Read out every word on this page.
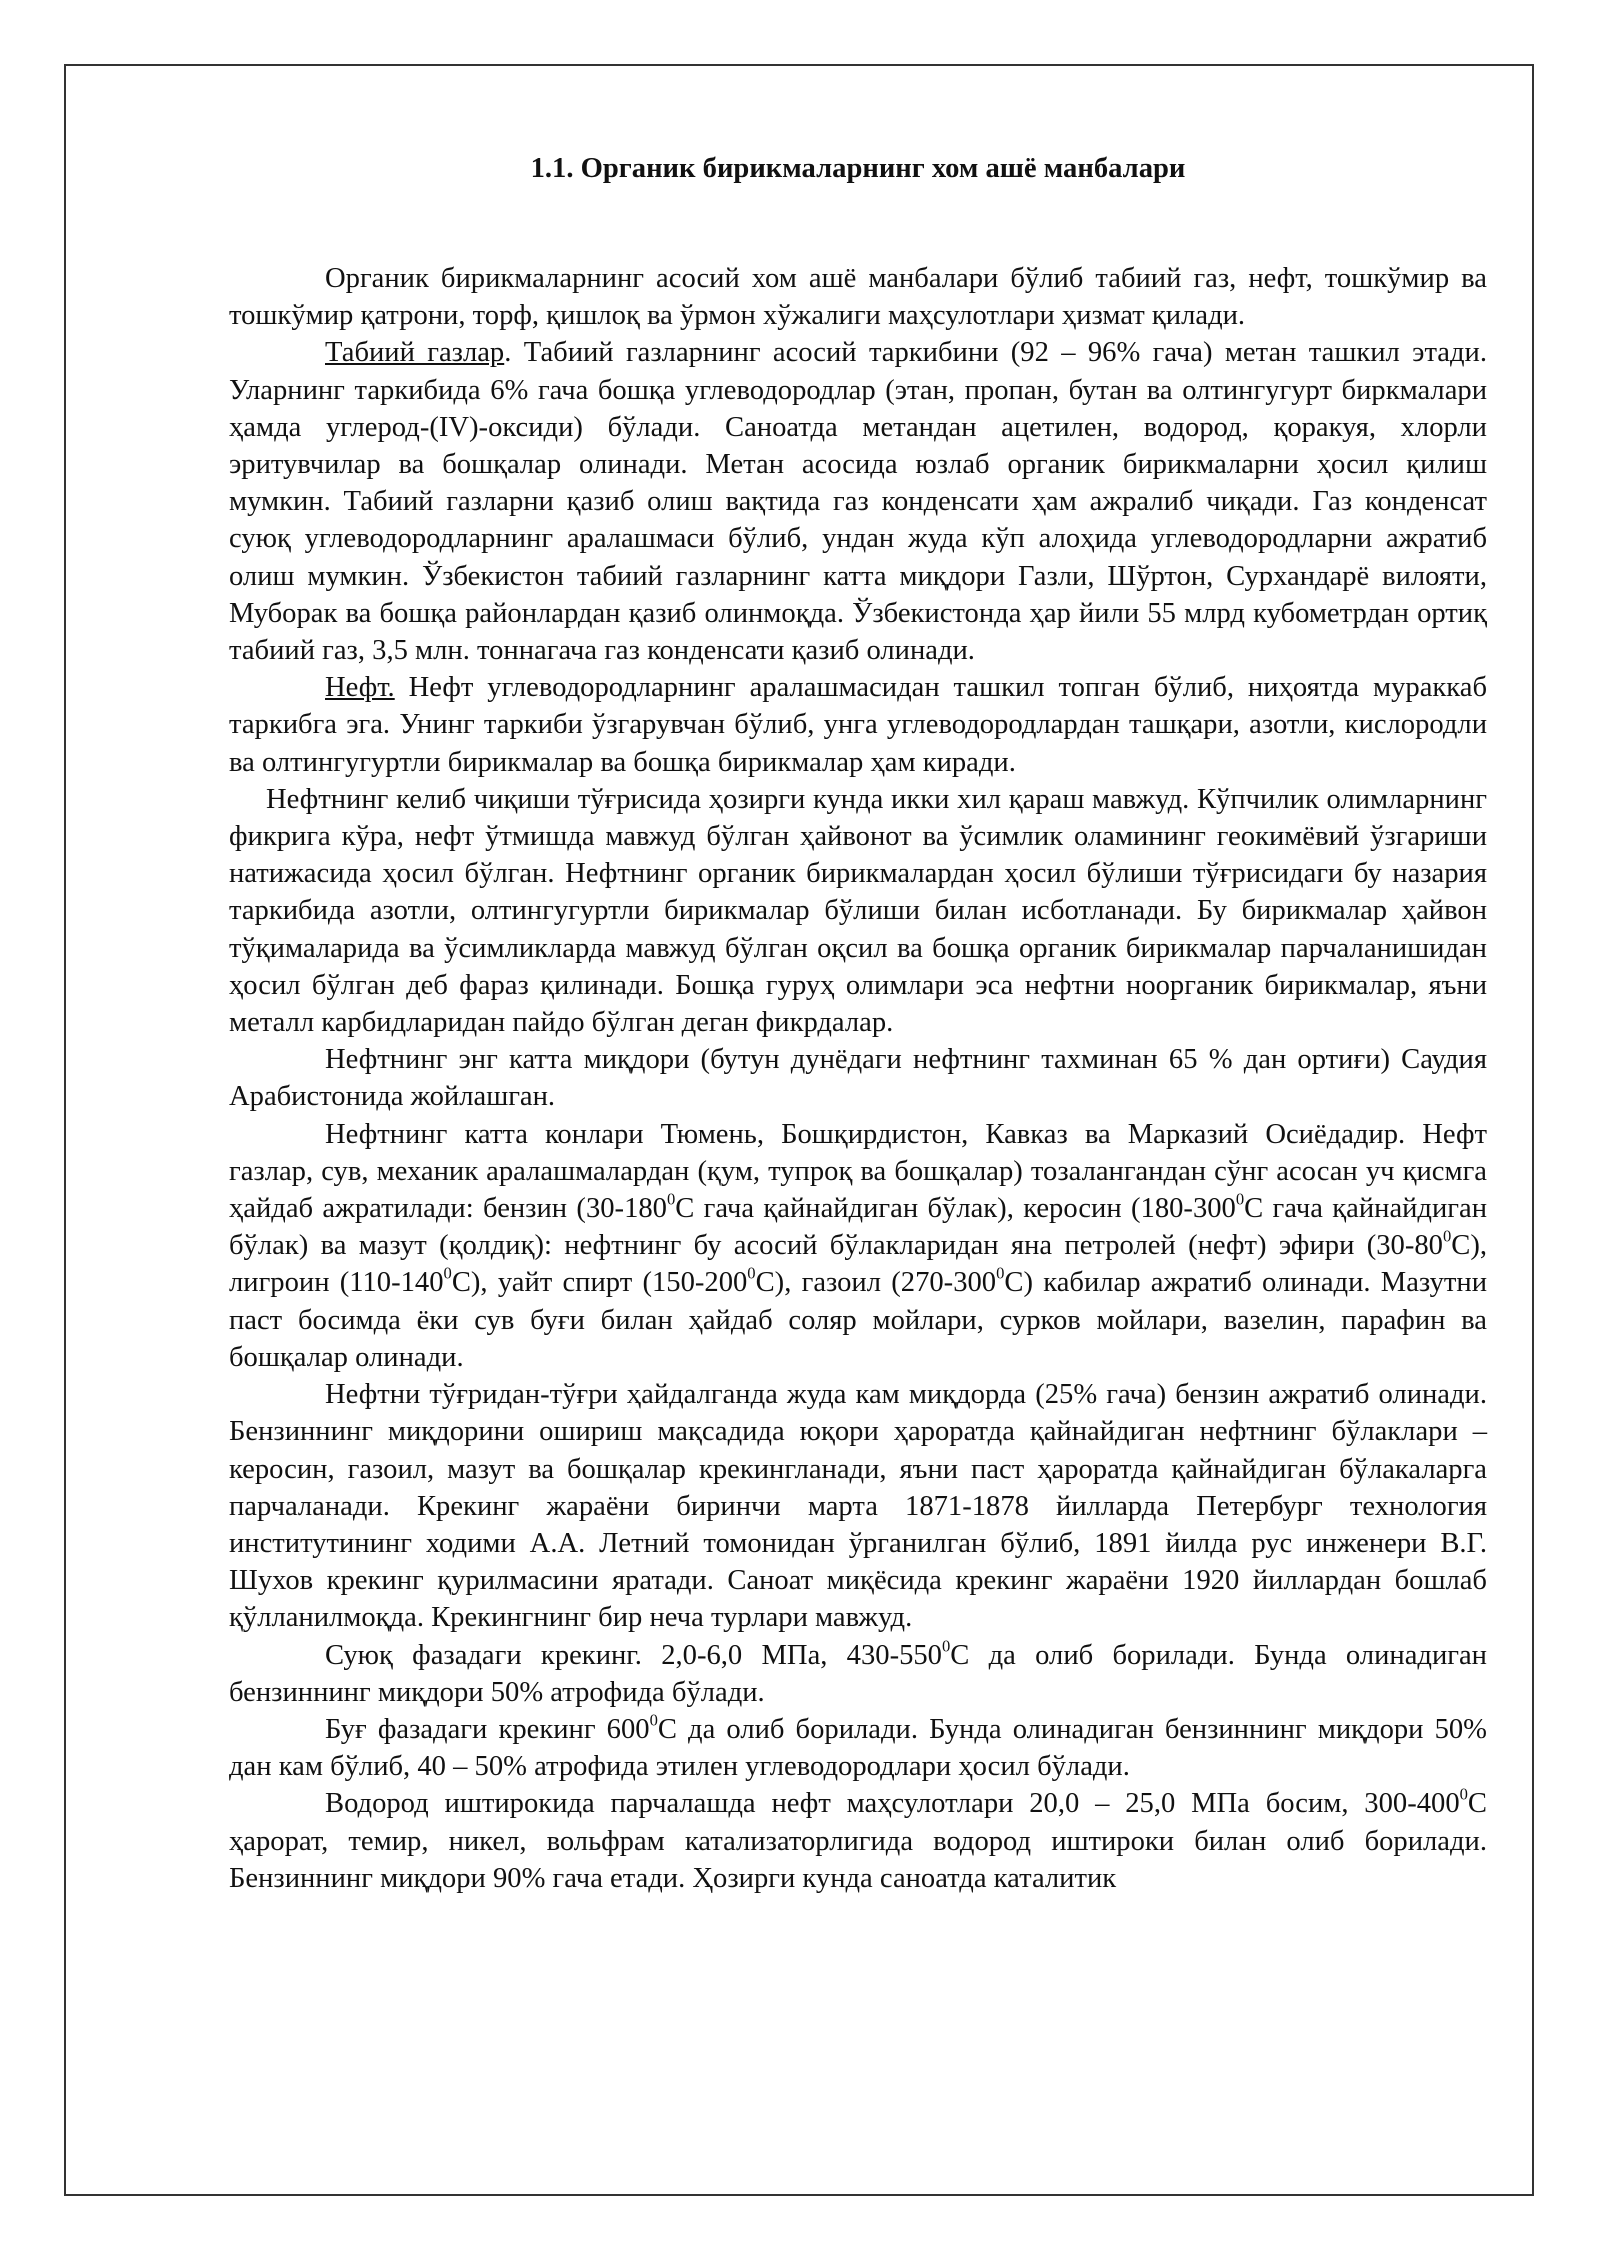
1.1. Органик бирикмаларнинг хом ашё манбалари

Органик бирикмаларнинг асосий хом ашё манбалари бўлиб табиий газ, нефт, тошкўмир ва тошкўмир қатрони, торф, қишлоқ ва ўрмон хўжалиги маҳсулотлари ҳизмат қилади.

Табиий газлар. Табиий газларнинг асосий таркибини (92 – 96% гача) метан ташкил этади. Уларнинг таркибида 6% гача бошқа углеводородлар (этан, пропан, бутан ва олтингугурт биркмалари ҳамда углерод-(IV)-оксиди) бўлади. Саноатда метандан ацетилен, водород, қоракуя, хлорли эритувчилар ва бошқалар олинади. Метан асосида юзлаб органик бирикмаларни ҳосил қилиш мумкин. Табиий газларни қазиб олиш вақтида газ конденсати ҳам ажралиб чиқади. Газ конденсат суюқ углеводородларнинг аралашмаси бўлиб, ундан жуда кўп алоҳида углеводородларни ажратиб олиш мумкин. Ўзбекистон табиий газларнинг катта миқдори Газли, Шўртон, Сурхандарё вилояти, Муборак ва бошқа районлардан қазиб олинмоқда. Ўзбекистонда ҳар йили 55 млрд кубометрдан ортиқ табиий газ, 3,5 млн. тоннагача газ конденсати қазиб олинади.

Нефт. Нефт углеводородларнинг аралашмасидан ташкил топган бўлиб, ниҳоятда мураккаб таркибга эга. Унинг таркиби ўзгарувчан бўлиб, унга углеводородлардан ташқари, азотли, кислородли ва олтингугуртли бирикмалар ва бошқа бирикмалар ҳам киради.

Нефтнинг келиб чиқиши тўғрисида ҳозирги кунда икки хил қараш мавжуд. Кўпчилик олимларнинг фикрига кўра, нефт ўтмишда мавжуд бўлган ҳайвонот ва ўсимлик оламининг геокимёвий ўзгариши натижасида ҳосил бўлган. Нефтнинг органик бирикмалардан ҳосил бўлиши тўғрисидаги бу назария таркибида азотли, олтингугуртли бирикмалар бўлиши билан исботланади. Бу бирикмалар ҳайвон тўқималарида ва ўсимликларда мавжуд бўлган оқсил ва бошқа органик бирикмалар парчаланишидан ҳосил бўлган деб фараз қилинади. Бошқа гуруҳ олимлари эса нефтни ноорганик бирикмалар, яъни металл карбидларидан пайдо бўлган деган фикрдалар.

Нефтнинг энг катта миқдори (бутун дунёдаги нефтнинг тахминан 65 % дан ортиғи) Саудия Арабистонида жойлашган.

Нефтнинг катта конлари Тюмень, Бошқирдистон, Кавказ ва Марказий Осиёдадир. Нефт газлар, сув, механик аралашмалардан (қум, тупроқ ва бошқалар) тозалангандан сўнг асосан уч қисмга ҳайдаб ажратилади: бензин ($30-180^0С$ гача қайнайдиган бўлак), керосин ($180-300^0С$ гача қайнайдиган бўлак) ва мазут (қолдиқ): нефтнинг бу асосий бўлакларидан яна петролей (нефт) эфири $(30-80^0С)$, лигроин $(110-140^0С)$, уайт спирт $(150-200^0С)$, газоил $(270-300^0С)$ кабилар ажратиб олинади. Мазутни паст босимда ёки сув буғи билан ҳайдаб соляр мойлари, сурков мойлари, вазелин, парафин ва бошқалар олинади.

Нефтни тўғридан-тўғри ҳайдалганда жуда кам миқдорда (25% гача) бензин ажратиб олинади. Бензиннинг миқдорини ошириш мақсадида юқори ҳароратда қайнайдиган нефтнинг бўлаклари – керосин, газоил, мазут ва бошқалар крекингланади, яъни паст ҳароратда қайнайдиган бўлакаларга парчаланади. Крекинг жараёни биринчи марта 1871-1878 йилларда Петербург технология институтининг ходими А.А. Летний томонидан ўрганилган бўлиб, 1891 йилда рус инженери В.Г. Шухов крекинг қурилмасини яратади. Саноат миқёсида крекинг жараёни 1920 йиллардан бошлаб қўлланилмоқда. Крекингнинг бир неча турлари мавжуд.

Суюқ фазадаги крекинг. 2,0-6,0 МПа, $430-550^0С$ да олиб борилади. Бунда олинадиган бензиннинг миқдори 50% атрофида бўлади.

Буғ фазадаги крекинг $600^0С$ да олиб борилади. Бунда олинадиган бензиннинг миқдори 50% дан кам бўлиб, 40 – 50% атрофида этилен углеводородлари ҳосил бўлади.

Водород иштирокида парчалашда нефт маҳсулотлари 20,0 – 25,0 МПа босим, $300-400^0С$ ҳарорат, темир, никел, вольфрам катализаторлигида водород иштироки билан олиб борилади. Бензиннинг миқдори 90% гача етади. Ҳозирги кунда саноатда каталитик
